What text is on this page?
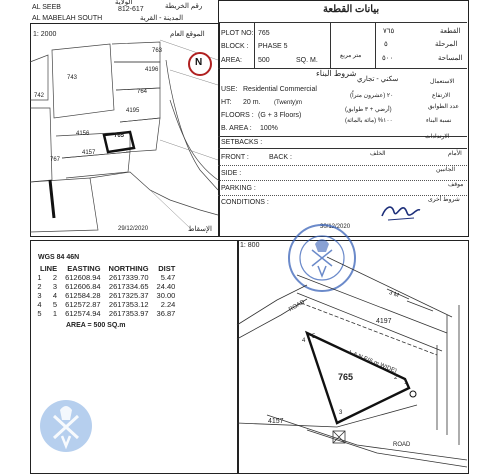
AL SEEB	812-617
الولاية
رقم الخريطة
AL MABELAH SOUTH	المدينة - القرية
1: 2000	الموقع العام
763
4196
743
742
764
4195
765
4156
4157
767
N
29/12/2020	الإسقاط
بيانات القطعة
PLOT NO: 765	٧٦٥	القطعة
BLOCK : PHASE 5	٥	المرحلة
AREA: 500	SQ. M.
متر مربع	٥٠٠	المساحة
شروط البناء
USE: Residential Commercial
سكني - تجاري	الاستعمال
HT: 20 m. (Twenty)m
٢٠ (عشرون متراً)	الارتفاع
FLOORS : (G + 3 Floors)
(أرضي + ٣ طوابق)	عدد الطوابق
B. AREA : 100%
١٠٠% (مائة بالمائة)	نسبة البناء
SETBACKS :
الارتدادات
FRONT :	BACK :	الخلف	الأمام
SIDE :	الجانبين
PARKING :	موقف
CONDITIONS :	شروط أخرى
30/12/2020
WGS 84 46N
LINE		EASTING	NORTHING	DIST
1	2	612608.94	2617339.70	5.47
2	3	612606.84	2617334.65	24.40
3	4	612584.28	2617325.37	30.00
4	5	612572.87	2617353.12	2.24
5	1	612574.94	2617353.97	36.87
AREA = 500 SQ.m
1: 800
765
4197
4157
L A N E(6 m WIDE)
ROAD
ROAD
3 M
1
2
3
4
5
